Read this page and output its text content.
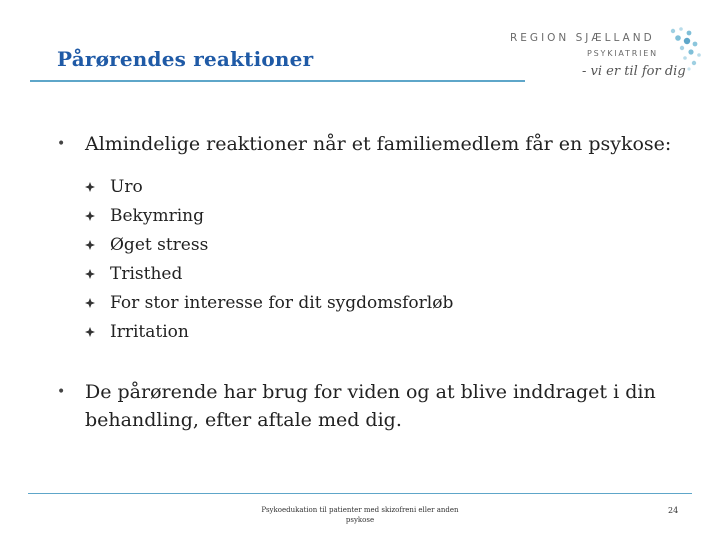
Pårørendes reaktioner
REGION SJÆLLAND
PSYKIATRIEN
- vi er til for dig
• Almindelige reaktioner når et familiemedlem får en psykose:
Uro
Bekymring
Øget stress
Tristhed
For stor interesse for dit sygdomsforløb
Irritation
• De pårørende har brug for viden og at blive inddraget i din behandling, efter aftale med dig.
Psykoedukation til patienter med skizofreni eller anden psykose
24
